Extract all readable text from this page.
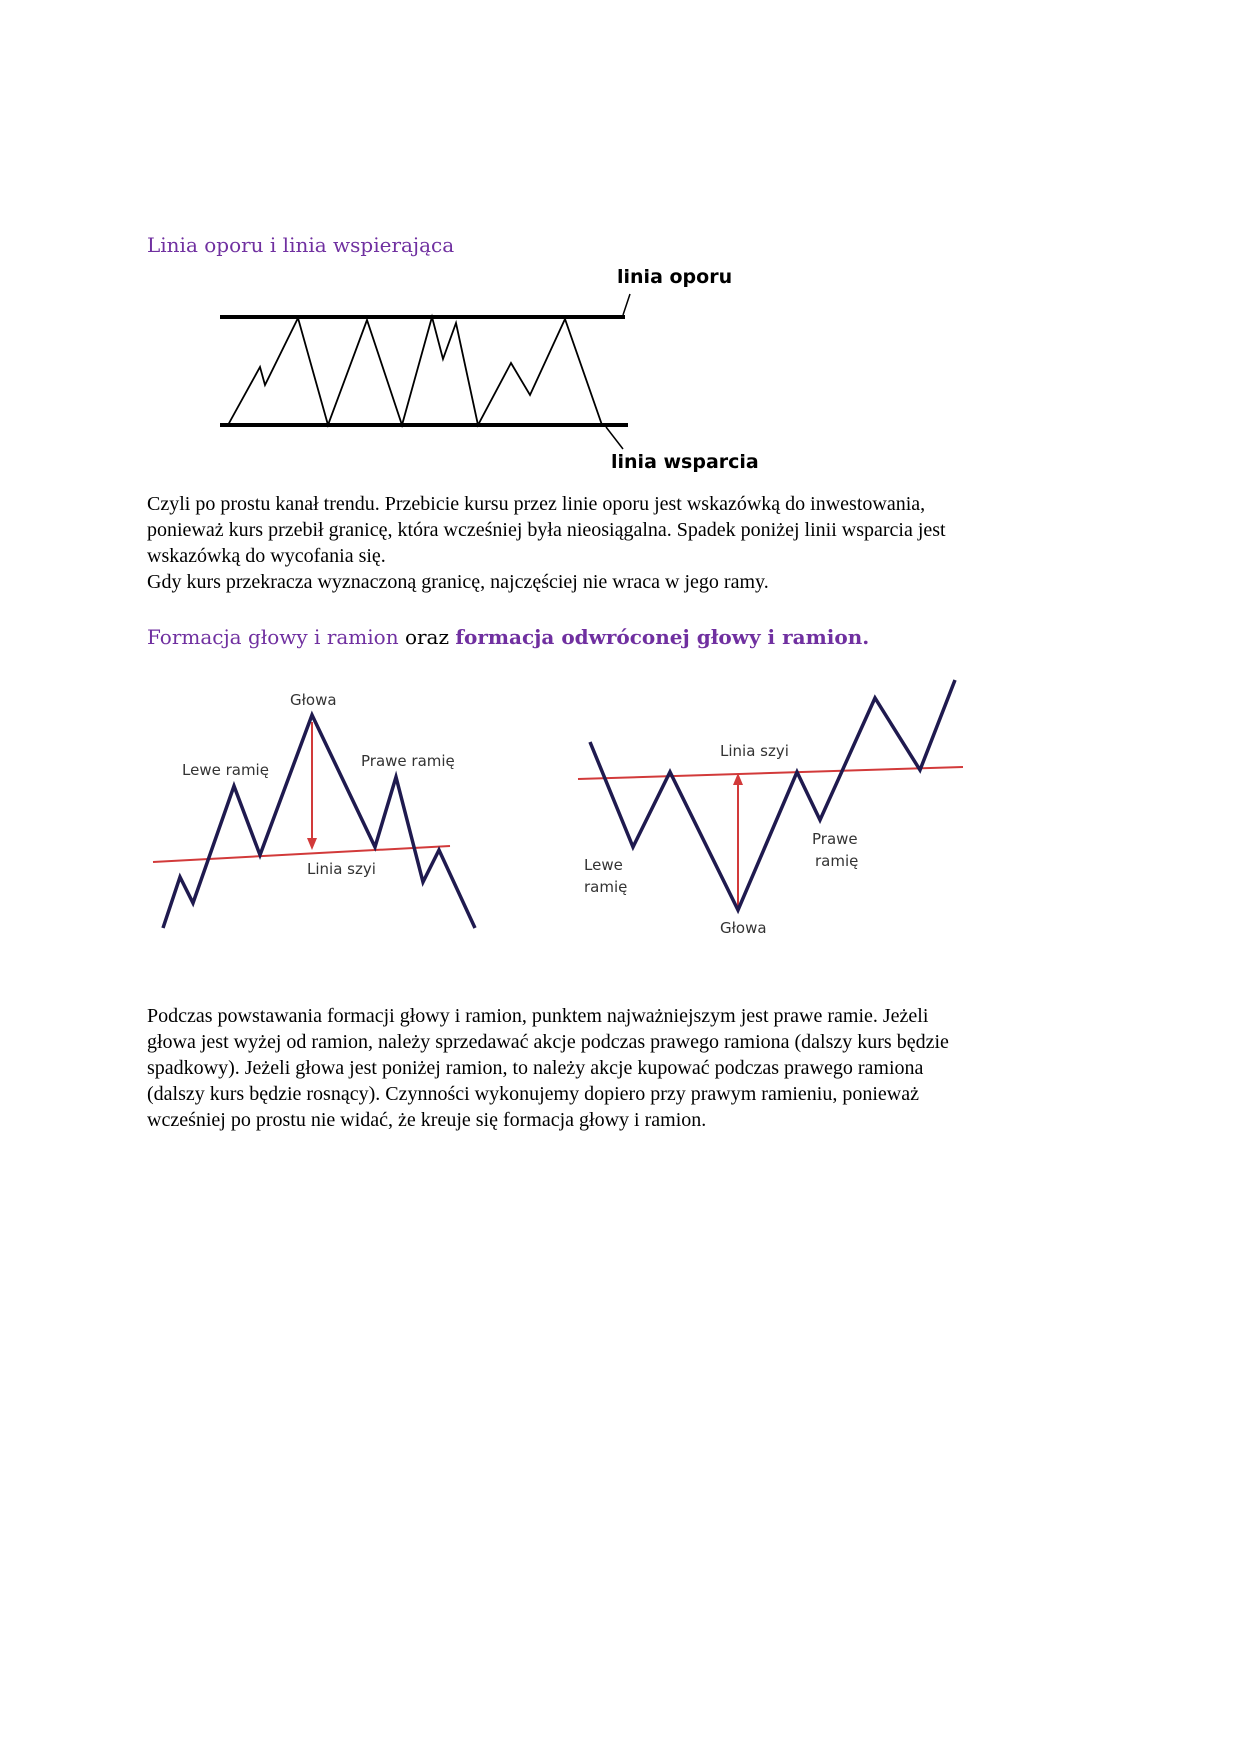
Linia oporu i linia wspierająca
linia oporu
linia wsparcia

Czyli po prostu kanał trendu. Przebicie kursu przez linie oporu jest wskazówką do inwestowania,

ponieważ kurs przebił granicę, która wcześniej była nieosiągalna. Spadek poniżej linii wsparcia jest

wskazówką do wycofania się.

Gdy kurs przekracza wyznaczoną granicę, najczęściej nie wraca w jego ramy.

Formacja głowy i ramion oraz formacja odwróconej głowy i ramion.
Głowa
Lewe ramię	Prawe ramię
Linia szyi
Linia szyi
Lewe
ramię
Prawe
ramię
Głowa

Podczas powstawania formacji głowy i ramion, punktem najważniejszym jest prawe ramie. Jeżeli

głowa jest wyżej od ramion, należy sprzedawać akcje podczas prawego ramiona (dalszy kurs będzie

spadkowy). Jeżeli głowa jest poniżej ramion, to należy akcje kupować podczas prawego ramiona

(dalszy kurs będzie rosnący). Czynności wykonujemy dopiero przy prawym ramieniu, ponieważ

wcześniej po prostu nie widać, że kreuje się formacja głowy i ramion.
